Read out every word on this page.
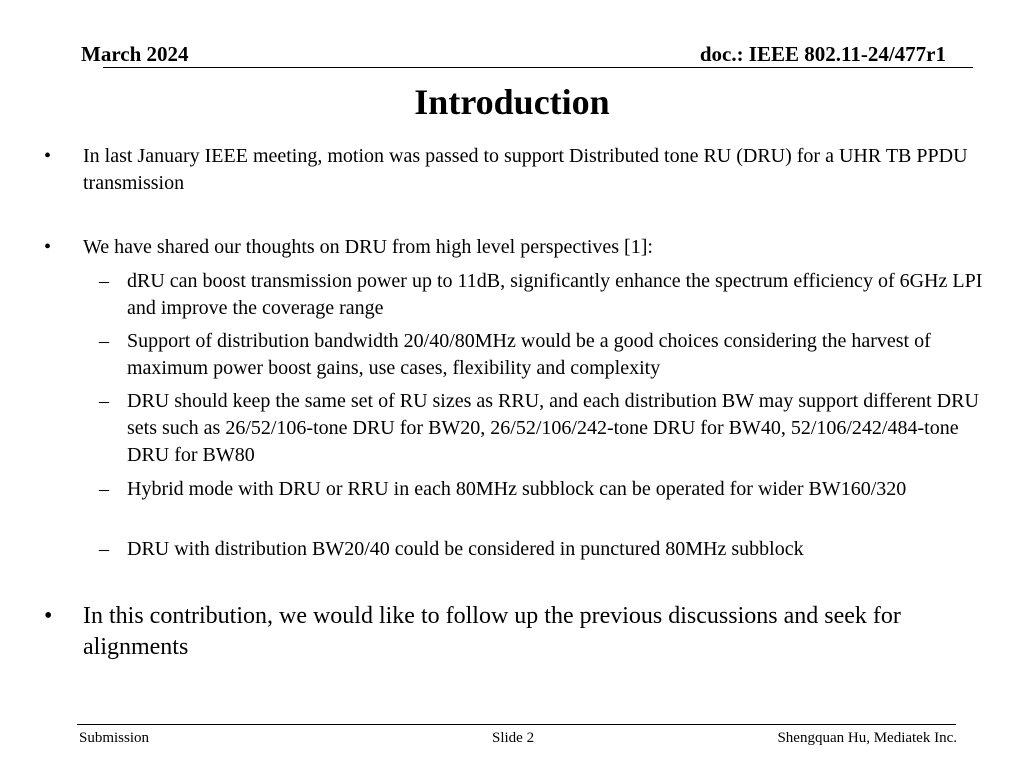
March 2024	doc.: IEEE 802.11-24/477r1
Introduction
• In last January IEEE meeting, motion was passed to support Distributed tone RU (DRU) for a UHR TB PPDU transmission
• We have shared our thoughts on DRU from high level perspectives [1]:
– dRU can boost transmission power up to 11dB, significantly enhance the spectrum efficiency of 6GHz LPI and improve the coverage range
– Support of distribution bandwidth 20/40/80MHz would be a good choices considering the harvest of maximum power boost gains, use cases, flexibility and complexity
– DRU should keep the same set of RU sizes as RRU, and each distribution BW may support different DRU sets such as 26/52/106-tone DRU for BW20, 26/52/106/242-tone DRU for BW40, 52/106/242/484-tone DRU for BW80
– Hybrid mode with DRU or RRU in each 80MHz subblock can be operated for wider BW160/320
– DRU with distribution BW20/40 could be considered in punctured 80MHz subblock
• In this contribution, we would like to follow up the previous discussions and seek for alignments
Submission	Slide 2	Shengquan Hu, Mediatek Inc.
